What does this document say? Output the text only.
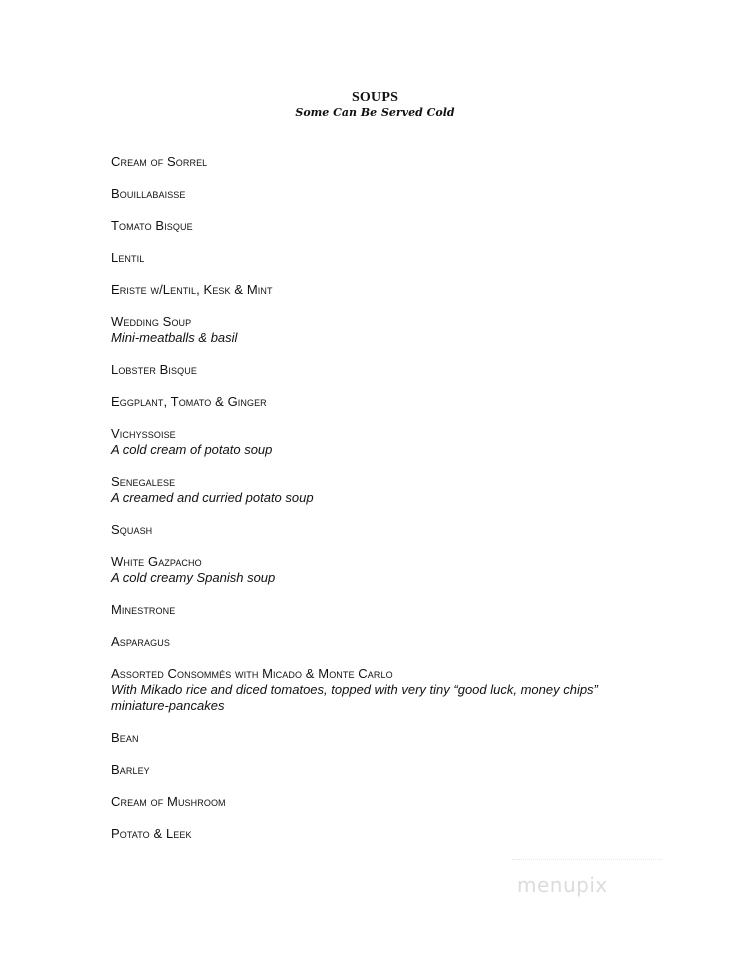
SOUPS
Some Can Be Served Cold
Cream of Sorrel
Bouillabaisse
Tomato Bisque
Lentil
Eriste w/Lentil, Kesk & Mint
Wedding Soup
Mini-meatballs & basil
Lobster Bisque
Eggplant, Tomato & Ginger
Vichyssoise
A cold cream of potato soup
Senegalese
A creamed and curried potato soup
Squash
White Gazpacho
A cold creamy Spanish soup
Minestrone
Asparagus
Assorted Consommés with Micado & Monte Carlo
With Mikado rice and diced tomatoes, topped with very tiny “good luck, money chips”
miniature-pancakes
Bean
Barley
Cream of Mushroom
Potato & Leek
menupix
